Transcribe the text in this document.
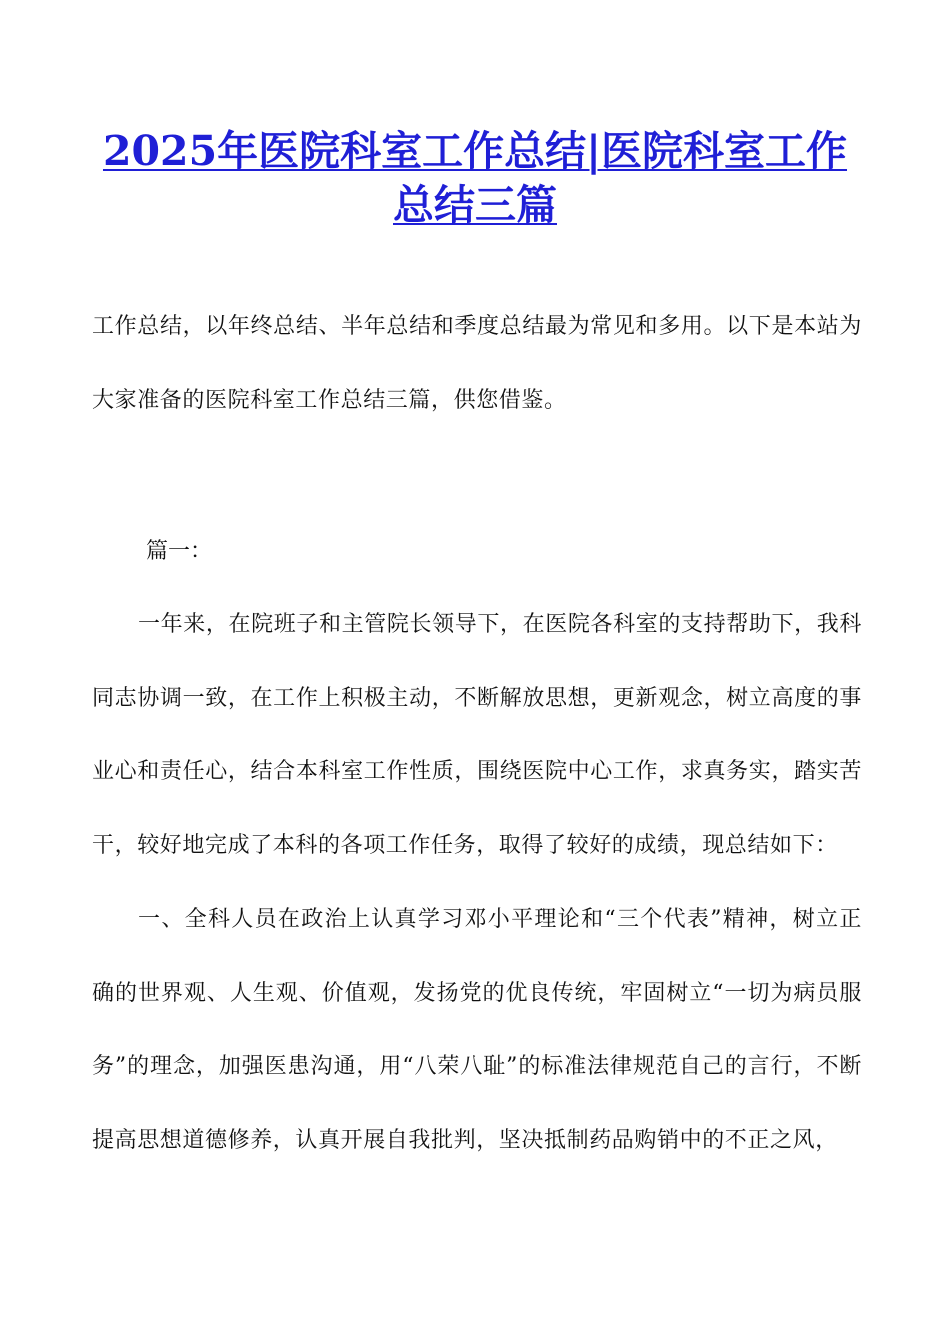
2025年医院科室工作总结|医院科室工作总结三篇

工作总结，以年终总结、半年总结和季度总结最为常见和多用。以下是本站为大家准备的医院科室工作总结三篇，供您借鉴。

篇一：

一年来，在院班子和主管院长领导下，在医院各科室的支持帮助下，我科同志协调一致，在工作上积极主动，不断解放思想，更新观念，树立高度的事业心和责任心，结合本科室工作性质，围绕医院中心工作，求真务实，踏实苦干，较好地完成了本科的各项工作任务，取得了较好的成绩，现总结如下：

一、全科人员在政治上认真学习邓小平理论和“三个代表”精神，树立正确的世界观、人生观、价值观，发扬党的优良传统，牢固树立“一切为病员服务”的理念，加强医患沟通，用“八荣八耻”的标准法律规范自己的言行，不断提高思想道德修养，认真开展自我批判，坚决抵制药品购销中的不正之风，
